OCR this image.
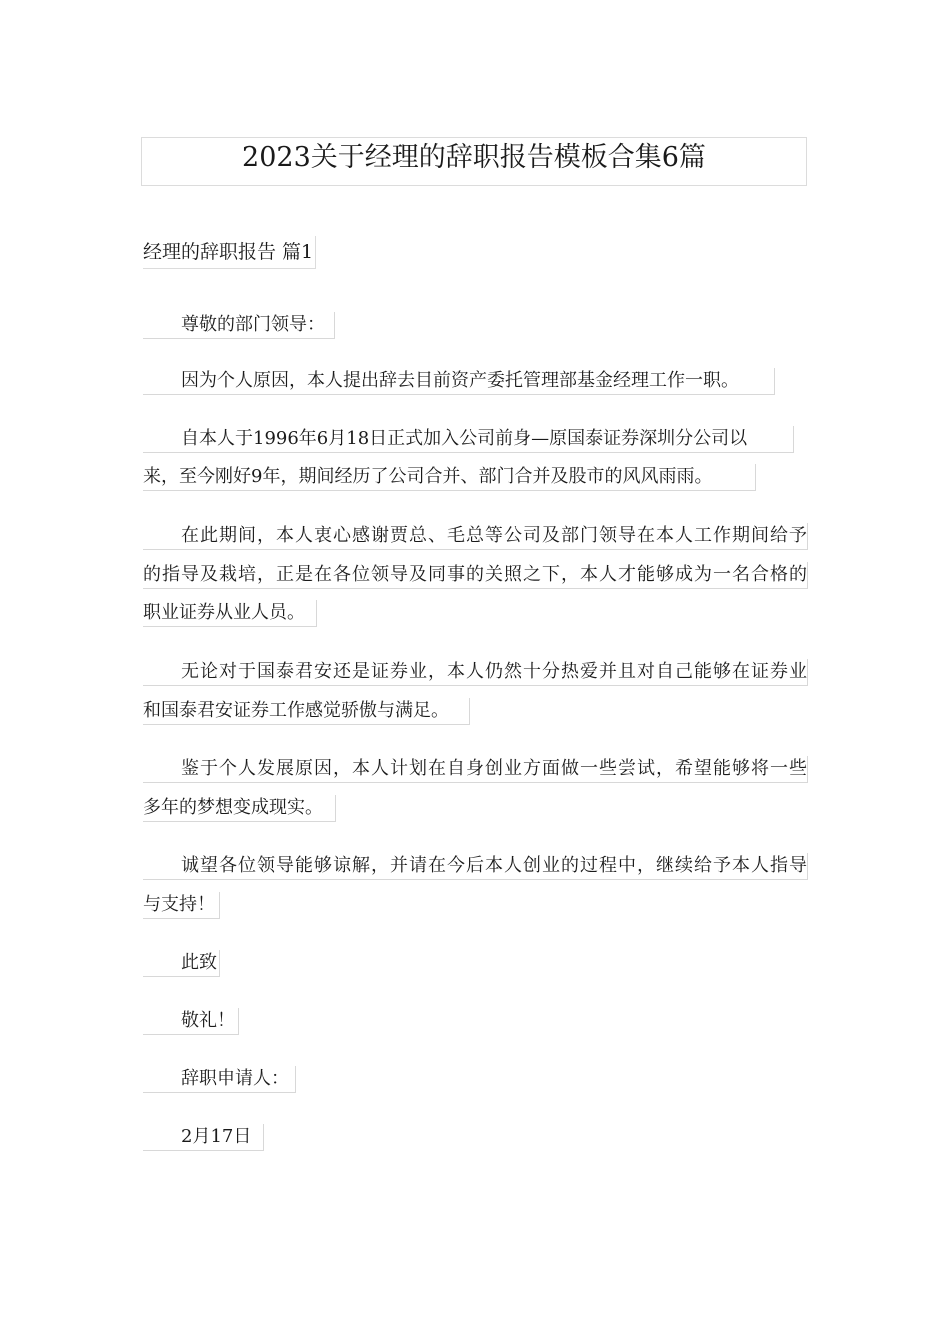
2023关于经理的辞职报告模板合集6篇
经理的辞职报告 篇1
尊敬的部门领导：
因为个人原因，本人提出辞去目前资产委托管理部基金经理工作一职。
自本人于1996年6月18日正式加入公司前身—原国泰证券深圳分公司以
来，至今刚好9年，期间经历了公司合并、部门合并及股市的风风雨雨。
在此期间，本人衷心感谢贾总、毛总等公司及部门领导在本人工作期间给予
的指导及栽培，正是在各位领导及同事的关照之下，本人才能够成为一名合格的
职业证券从业人员。
无论对于国泰君安还是证券业，本人仍然十分热爱并且对自己能够在证券业
和国泰君安证券工作感觉骄傲与满足。
鉴于个人发展原因，本人计划在自身创业方面做一些尝试，希望能够将一些
多年的梦想变成现实。
诚望各位领导能够谅解，并请在今后本人创业的过程中，继续给予本人指导
与支持！
此致
敬礼！
辞职申请人：
2月17日
